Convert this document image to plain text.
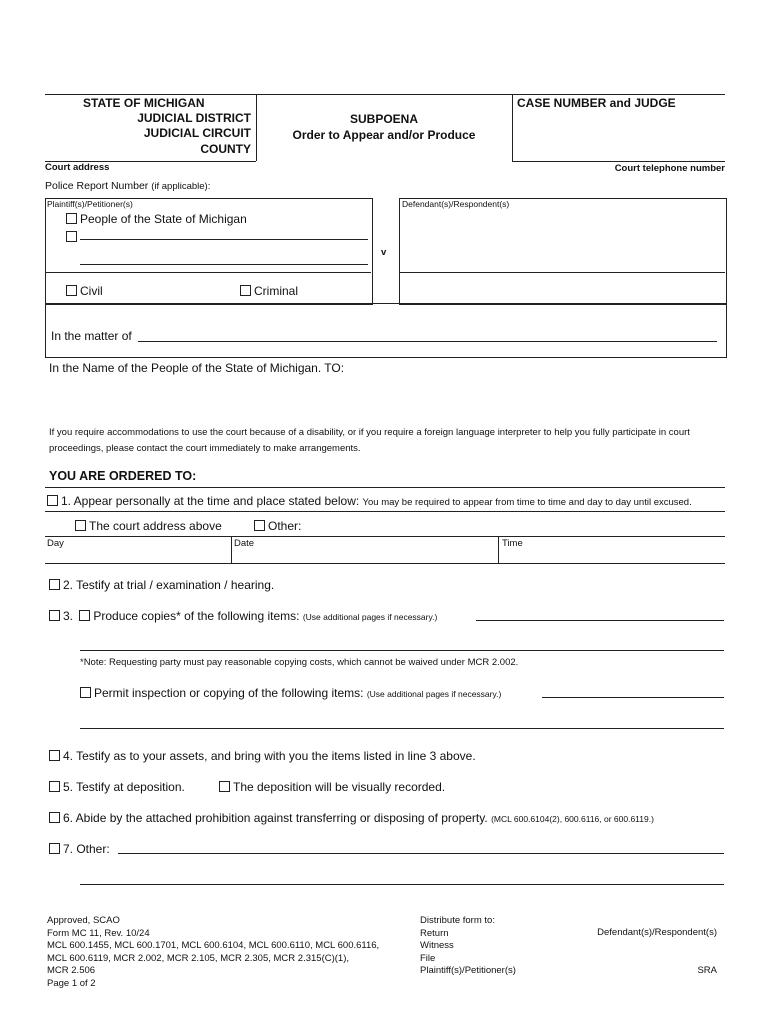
STATE OF MICHIGAN
JUDICIAL DISTRICT
JUDICIAL CIRCUIT
COUNTY
SUBPOENA
Order to Appear and/or Produce
CASE NUMBER and JUDGE
Court address	Court telephone number
Police Report Number (if applicable):
Plaintiff(s)/Petitioner(s)
People of the State of Michigan
v
Defendant(s)/Respondent(s)
Civil	Criminal
In the matter of
In the Name of the People of the State of Michigan. TO:
If you require accommodations to use the court because of a disability, or if you require a foreign language interpreter to help you fully participate in court proceedings, please contact the court immediately to make arrangements.
YOU ARE ORDERED TO:
1. Appear personally at the time and place stated below: You may be required to appear from time to time and day to day until excused.
The court address above	Other:
Day	Date	Time
2. Testify at trial / examination / hearing.
3. Produce copies* of the following items: (Use additional pages if necessary.)
*Note: Requesting party must pay reasonable copying costs, which cannot be waived under MCR 2.002.
Permit inspection or copying of the following items: (Use additional pages if necessary.)
4. Testify as to your assets, and bring with you the items listed in line 3 above.
5. Testify at deposition.	The deposition will be visually recorded.
6. Abide by the attached prohibition against transferring or disposing of property. (MCL 600.6104(2), 600.6116, or 600.6119.)
7. Other:
Approved, SCAO
Form MC 11, Rev. 10/24
MCL 600.1455, MCL 600.1701, MCL 600.6104, MCL 600.6110, MCL 600.6116,
MCL 600.6119, MCR 2.002, MCR 2.105, MCR 2.305, MCR 2.315(C)(1),
MCR 2.506
Page 1 of 2
Distribute form to:
Return
Witness
File
Plaintiff(s)/Petitioner(s)
Defendant(s)/Respondent(s)
SRA
